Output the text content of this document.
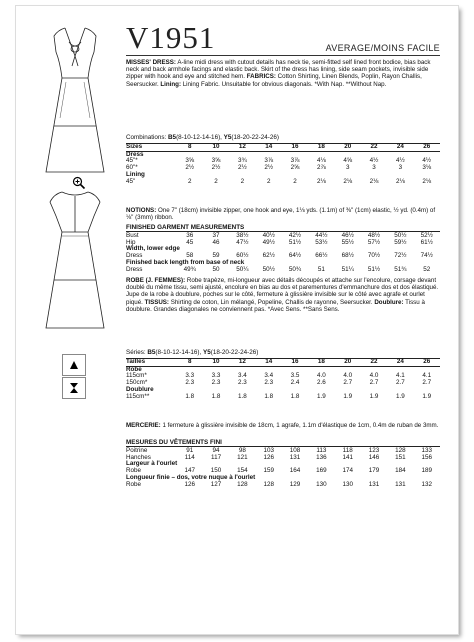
V1951	AVERAGE/MOINS FACILE
MISSES' DRESS: A-line midi dress with cutout details has neck tie, semi-fitted self lined front bodice, bias back neck and back armhole facings and elastic back. Skirt of the dress has lining, side seam pockets, invisible side zipper with hook and eye and stitched hem. FABRICS: Cotton Shirting, Linen Blends, Poplin, Rayon Challis, Seersucker. Lining: Lining Fabric. Unsuitable for obvious diagonals. *With Nap. **Without Nap.
Combinations: B5(8-10-12-14-16), Y5(18-20-22-24-26)
Sizes	8	10	12	14	16	18	20	22	24	26
Dress										
45"*	3⅝	3⅝	3¾	3⅞	3⅞	4⅛	4⅝	4½	4½	4½
60"*	2½	2½	2½	2½	2⅝	2⅞	3	3	3	3⅛
Lining										
45"	2	2	2	2	2	2⅛	2⅛	2⅛	2⅛	2⅛
NOTIONS: One 7" (18cm) invisible zipper, one hook and eye, 1⅛ yds. (1.1m) of ⅜" (1cm) elastic, ½ yd. (0.4m) of ⅛" (3mm) ribbon.
FINISHED GARMENT MEASUREMENTS
Bust	36	37	38½	40½	42½	44½	46½	48½	50½	52½
Hip	45	46	47½	49½	51½	53½	55½	57½	59½	61½
Width, lower edge										
Dress	58	59	60½	62½	64½	66½	68½	70½	72½	74½
Finished back length from base of neck										
Dress	49¾	50	50¼	50½	50¾	51	51¼	51½	51¾	52
ROBE (J. FEMMES): Robe trapèze, mi-longueur avec détails découpés et attache sur l'encolure, corsage devant doublé du même tissu, semi ajusté, encolure en bias au dos et parementures d'emmanchure dos et dos élastiqué. Jupe de la robe à doublure, poches sur le côté, fermeture à glissière invisible sur le côté avec agrafe et ourlet piqué. TISSUS: Shirting de coton, Lin mélangé, Popeline, Challis de rayonne, Seersucker. Doublure: Tissu à doublure. Grandes diagonales ne conviennent pas. *Avec Sens. **Sans Sens.
Séries: B5(8-10-12-14-16), Y5(18-20-22-24-26)
Tailles	8	10	12	14	16	18	20	22	24	26
Robe										
115cm*	3.3	3.3	3.4	3.4	3.5	4.0	4.0	4.0	4.1	4.1
150cm*	2.3	2.3	2.3	2.3	2.4	2.6	2.7	2.7	2.7	2.7
Doublure										
115cm**	1.8	1.8	1.8	1.8	1.8	1.9	1.9	1.9	1.9	1.9
MERCERIE: 1 fermeture à glissière invisible de 18cm, 1 agrafe, 1.1m d'élastique de 1cm, 0.4m de ruban de 3mm.
MESURES DU VÊTEMENTS FINI
Poitrine	91	94	98	103	108	113	118	123	128	133
Hanches	114	117	121	126	131	136	141	146	151	156
Largeur à l'ourlet										
Robe	147	150	154	159	164	169	174	179	184	189
Longueur finie – dos, votre nuque à l'ourlet										
Robe	126	127	128	128	129	130	130	131	131	132
